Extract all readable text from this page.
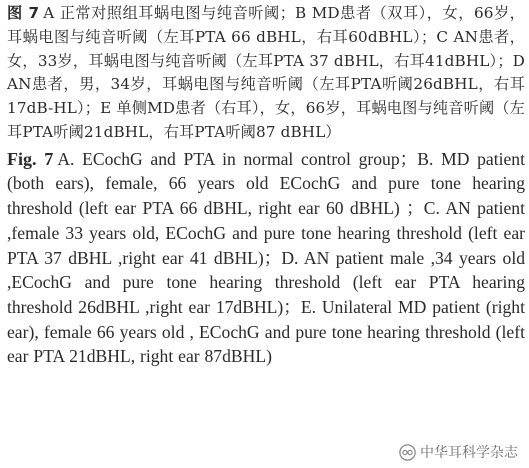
图 7 A 正常对照组耳蜗电图与纯音听阈；B MD患者（双耳），女，66岁，耳蜗电图与纯音听阈（左耳PTA 66 dBHL，右耳60dBHL）；C AN患者，女，33岁，耳蜗电图与纯音听阈（左耳PTA 37 dBHL，右耳41dBHL）；D AN患者，男，34岁，耳蜗电图与纯音听阈（左耳PTA听阈26dBHL，右耳17dB-HL）；E 单侧MD患者（右耳），女，66岁，耳蜗电图与纯音听阈（左耳PTA听阈21dBHL，右耳PTA听阈87 dBHL）

Fig. 7 A. ECochG and PTA in normal control group；B. MD patient (both ears), female, 66 years old ECochG and pure tone hearing threshold (left ear PTA 66 dBHL, right ear 60 dBHL) ；C. AN patient ,female 33 years old, ECochG and pure tone hearing threshold (left ear PTA 37 dBHL ,right ear 41 dBHL)；D. AN patient male ,34 years old ,ECochG and pure tone hearing threshold (left ear PTA hearing threshold 26dBHL ,right ear 17dBHL)；E. Unilateral MD patient (right ear), female 66 years old , ECochG and pure tone hearing threshold (left ear PTA 21dBHL, right ear 87dBHL)

中华耳科学杂志
